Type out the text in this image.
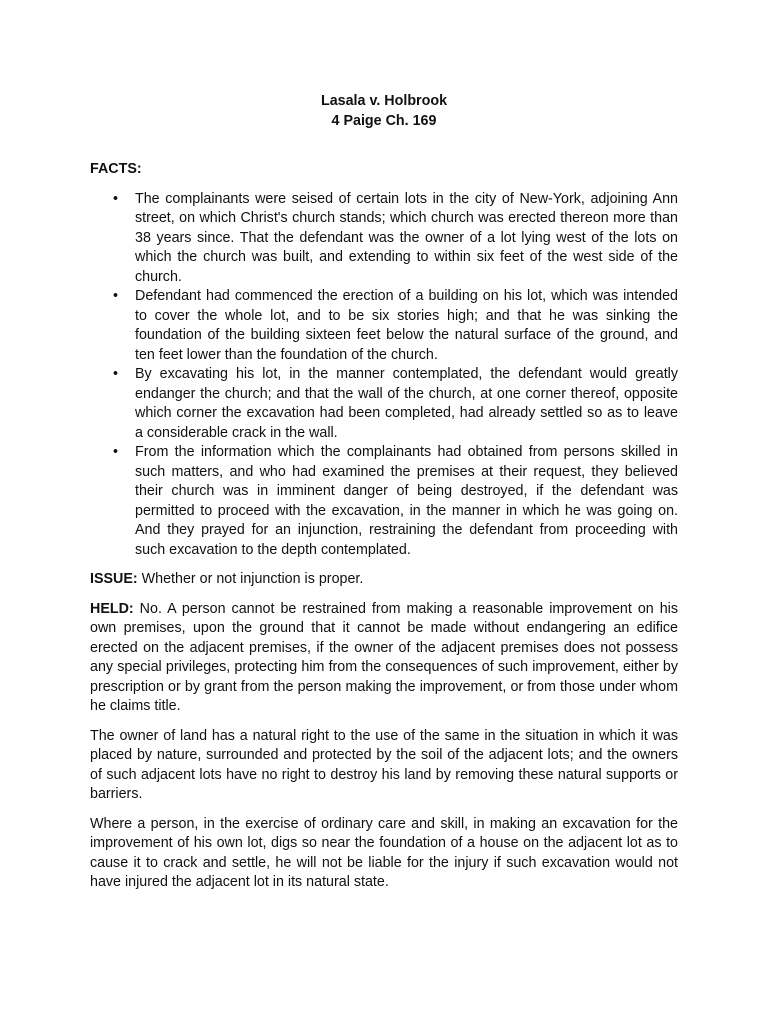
Lasala v. Holbrook
4 Paige Ch. 169
FACTS:
• The complainants were seised of certain lots in the city of New-York, adjoining Ann street, on which Christ's church stands; which church was erected thereon more than 38 years since. That the defendant was the owner of a lot lying west of the lots on which the church was built, and extending to within six feet of the west side of the church.
• Defendant had commenced the erection of a building on his lot, which was intended to cover the whole lot, and to be six stories high; and that he was sinking the foundation of the building sixteen feet below the natural surface of the ground, and ten feet lower than the foundation of the church.
• By excavating his lot, in the manner contemplated, the defendant would greatly endanger the church; and that the wall of the church, at one corner thereof, opposite which corner the excavation had been completed, had already settled so as to leave a considerable crack in the wall.
• From the information which the complainants had obtained from persons skilled in such matters, and who had examined the premises at their request, they believed their church was in imminent danger of being destroyed, if the defendant was permitted to proceed with the excavation, in the manner in which he was going on. And they prayed for an injunction, restraining the defendant from proceeding with such excavation to the depth contemplated.

ISSUE: Whether or not injunction is proper.

HELD: No. A person cannot be restrained from making a reasonable improvement on his own premises, upon the ground that it cannot be made without endangering an edifice erected on the adjacent premises, if the owner of the adjacent premises does not possess any special privileges, protecting him from the consequences of such improvement, either by prescription or by grant from the person making the improvement, or from those under whom he claims title.

The owner of land has a natural right to the use of the same in the situation in which it was placed by nature, surrounded and protected by the soil of the adjacent lots; and the owners of such adjacent lots have no right to destroy his land by removing these natural supports or barriers.

Where a person, in the exercise of ordinary care and skill, in making an excavation for the improvement of his own lot, digs so near the foundation of a house on the adjacent lot as to cause it to crack and settle, he will not be liable for the injury if such excavation would not have injured the adjacent lot in its natural state.
